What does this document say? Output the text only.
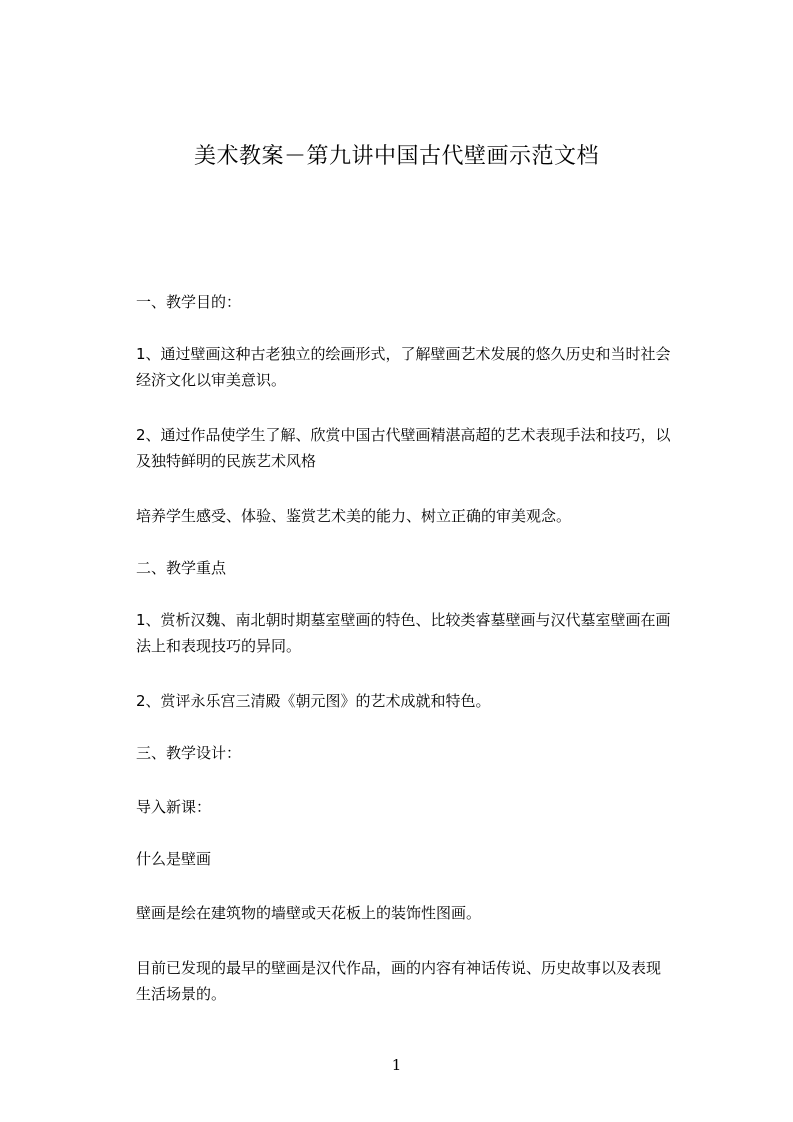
美术教案－第九讲中国古代壁画示范文档

一、教学目的：

1、通过壁画这种古老独立的绘画形式，了解壁画艺术发展的悠久历史和当时社会
经济文化以审美意识。

2、通过作品使学生了解、欣赏中国古代壁画精湛高超的艺术表现手法和技巧，以
及独特鲜明的民族艺术风格

培养学生感受、体验、鉴赏艺术美的能力、树立正确的审美观念。

二、教学重点

1、赏析汉魏、南北朝时期墓室壁画的特色、比较类睿墓壁画与汉代墓室壁画在画
法上和表现技巧的异同。

2、赏评永乐宫三清殿《朝元图》的艺术成就和特色。

三、教学设计：

导入新课：

什么是壁画

壁画是绘在建筑物的墙壁或天花板上的装饰性图画。

目前已发现的最早的壁画是汉代作品，画的内容有神话传说、历史故事以及表现
生活场景的。

1
